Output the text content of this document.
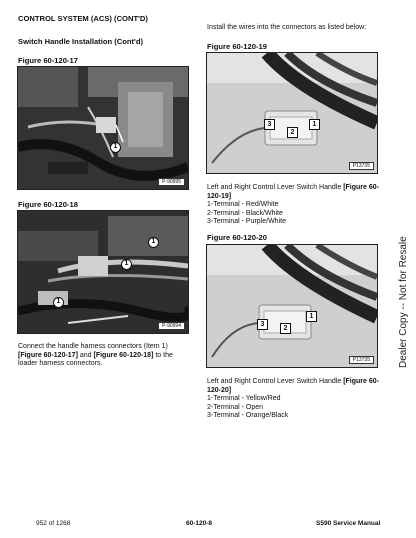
CONTROL SYSTEM (ACS) (CONT'D)
Switch Handle Installation (Cont'd)
Figure 60-120-17
1
P-90995
Figure 60-120-18
1
1
1
P-90994
Connect the handle harness connectors (Item 1) [Figure 60-120-17] and [Figure 60-120-18] to the loader harness connectors.
Install the wires into the connectors as listed below:
Figure 60-120-19
3
2
1
P13735
Left and Right Control Lever Switch Handle [Figure 60-120-19]
1-Terminal - Red/White
2-Terminal - Black/White
3-Terminal - Purple/White
Figure 60-120-20
3
2
1
P13735
Left and Right Control Lever Switch Handle [Figure 60-120-20]
1-Terminal - Yellow/Red
2-Terminal - Open
3-Terminal - Orange/Black
Dealer Copy -- Not for Resale
952 of 1268	60-120-8	S590 Service Manual
